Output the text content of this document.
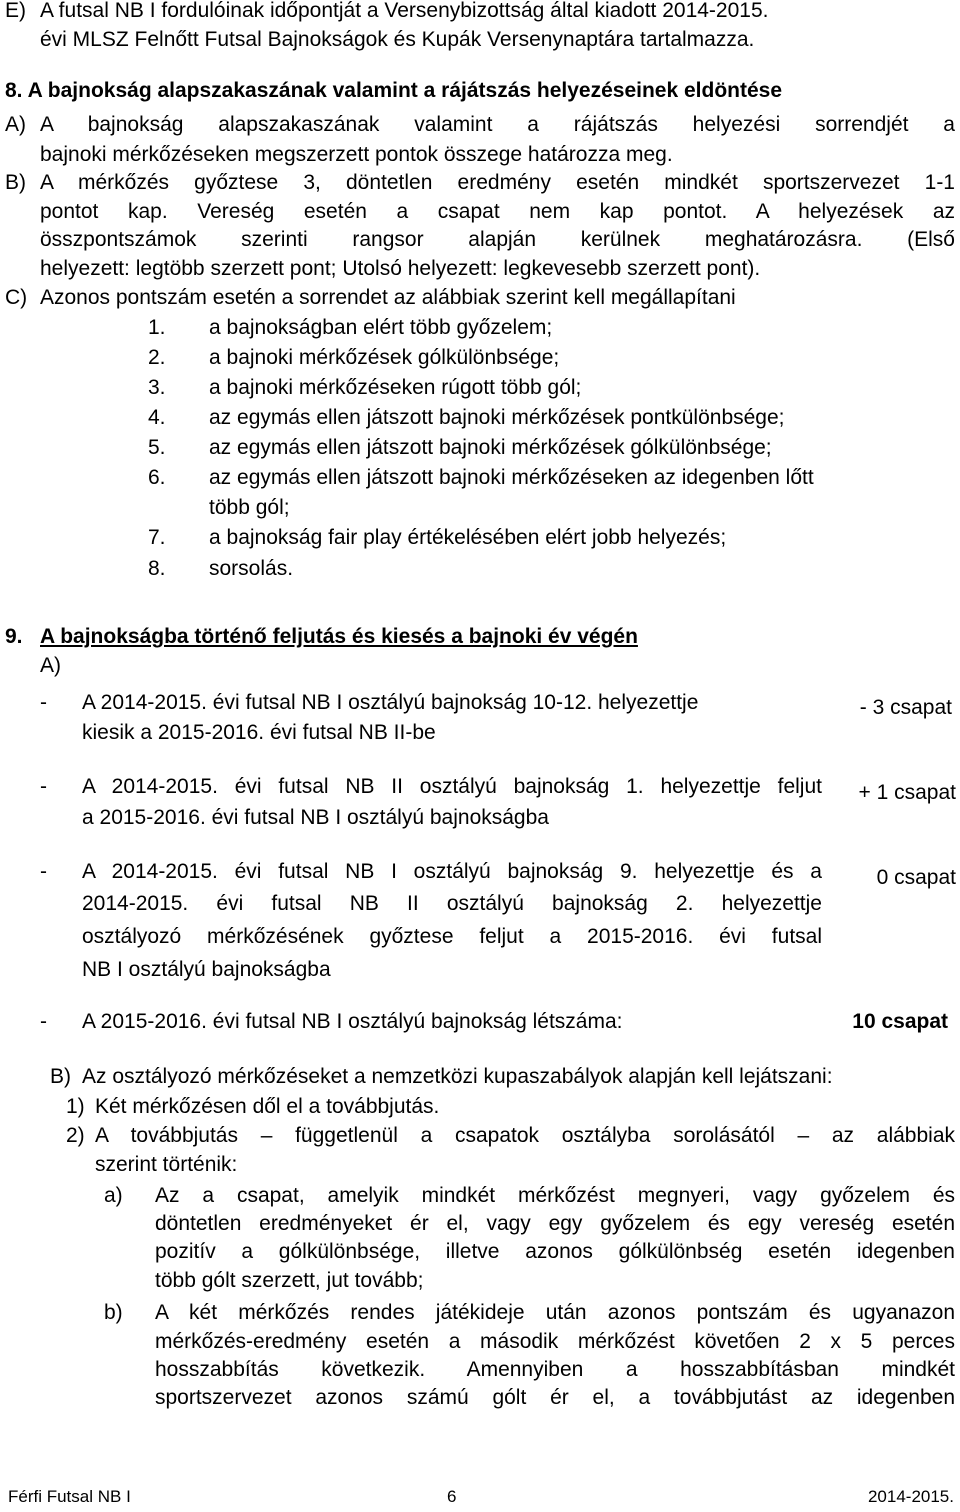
E) A futsal NB I fordulóinak időpontját a Versenybizottság által kiadott 2014-2015.
évi MLSZ Felnőtt Futsal Bajnokságok és Kupák Versenynaptára tartalmazza.
8. A bajnokság alapszakaszának valamint a rájátszás helyezéseinek eldöntése
A) A bajnokság alapszakaszának valamint a rájátszás helyezési sorrendjét a
bajnoki mérkőzéseken megszerzett pontok összege határozza meg.
B) A mérkőzés győztese 3, döntetlen eredmény esetén mindkét sportszervezet 1-1
pontot kap. Vereség esetén a csapat nem kap pontot. A helyezések az
összpontszámok szerinti rangsor alapján kerülnek meghatározásra. (Első
helyezett: legtöbb szerzett pont; Utolsó helyezett: legkevesebb szerzett pont).
C) Azonos pontszám esetén a sorrendet az alábbiak szerint kell megállapítani
1. a bajnokságban elért több győzelem;
2. a bajnoki mérkőzések gólkülönbsége;
3. a bajnoki mérkőzéseken rúgott több gól;
4. az egymás ellen játszott bajnoki mérkőzések pontkülönbsége;
5. az egymás ellen játszott bajnoki mérkőzések gólkülönbsége;
6. az egymás ellen játszott bajnoki mérkőzéseken az idegenben lőtt
több gól;
7. a bajnokság fair play értékelésében elért jobb helyezés;
8. sorsolás.
9. A bajnokságba történő feljutás és kiesés a bajnoki év végén
A)
- A 2014-2015. évi futsal NB I osztályú bajnokság 10-12. helyezettje
kiesik a 2015-2016. évi futsal NB II-be
- 3 csapat
- A 2014-2015. évi futsal NB II osztályú bajnokság 1. helyezettje feljut
a 2015-2016. évi futsal NB I osztályú bajnokságba
+ 1 csapat
- A 2014-2015. évi futsal NB I osztályú bajnokság 9. helyezettje és a
2014-2015. évi futsal NB II osztályú bajnokság 2. helyezettje
osztályozó mérkőzésének győztese feljut a 2015-2016. évi futsal
NB I osztályú bajnokságba
0 csapat
- A 2015-2016. évi futsal NB I osztályú bajnokság létszáma:	10 csapat
B) Az osztályozó mérkőzéseket a nemzetközi kupaszabályok alapján kell lejátszani:
1) Két mérkőzésen dől el a továbbjutás.
2) A továbbjutás – függetlenül a csapatok osztályba sorolásától – az alábbiak
szerint történik:
a) Az a csapat, amelyik mindkét mérkőzést megnyeri, vagy győzelem és
döntetlen eredményeket ér el, vagy egy győzelem és egy vereség esetén
pozitív a gólkülönbsége, illetve azonos gólkülönbség esetén idegenben
több gólt szerzett, jut tovább;
b) A két mérkőzés rendes játékideje után azonos pontszám és ugyanazon
mérkőzés-eredmény esetén a második mérkőzést követően 2 x 5 perces
hosszabbítás következik. Amennyiben a hosszabbításban mindkét
sportszervezet azonos számú gólt ér el, a továbbjutást az idegenben
Férfi Futsal NB I	6	2014-2015.
